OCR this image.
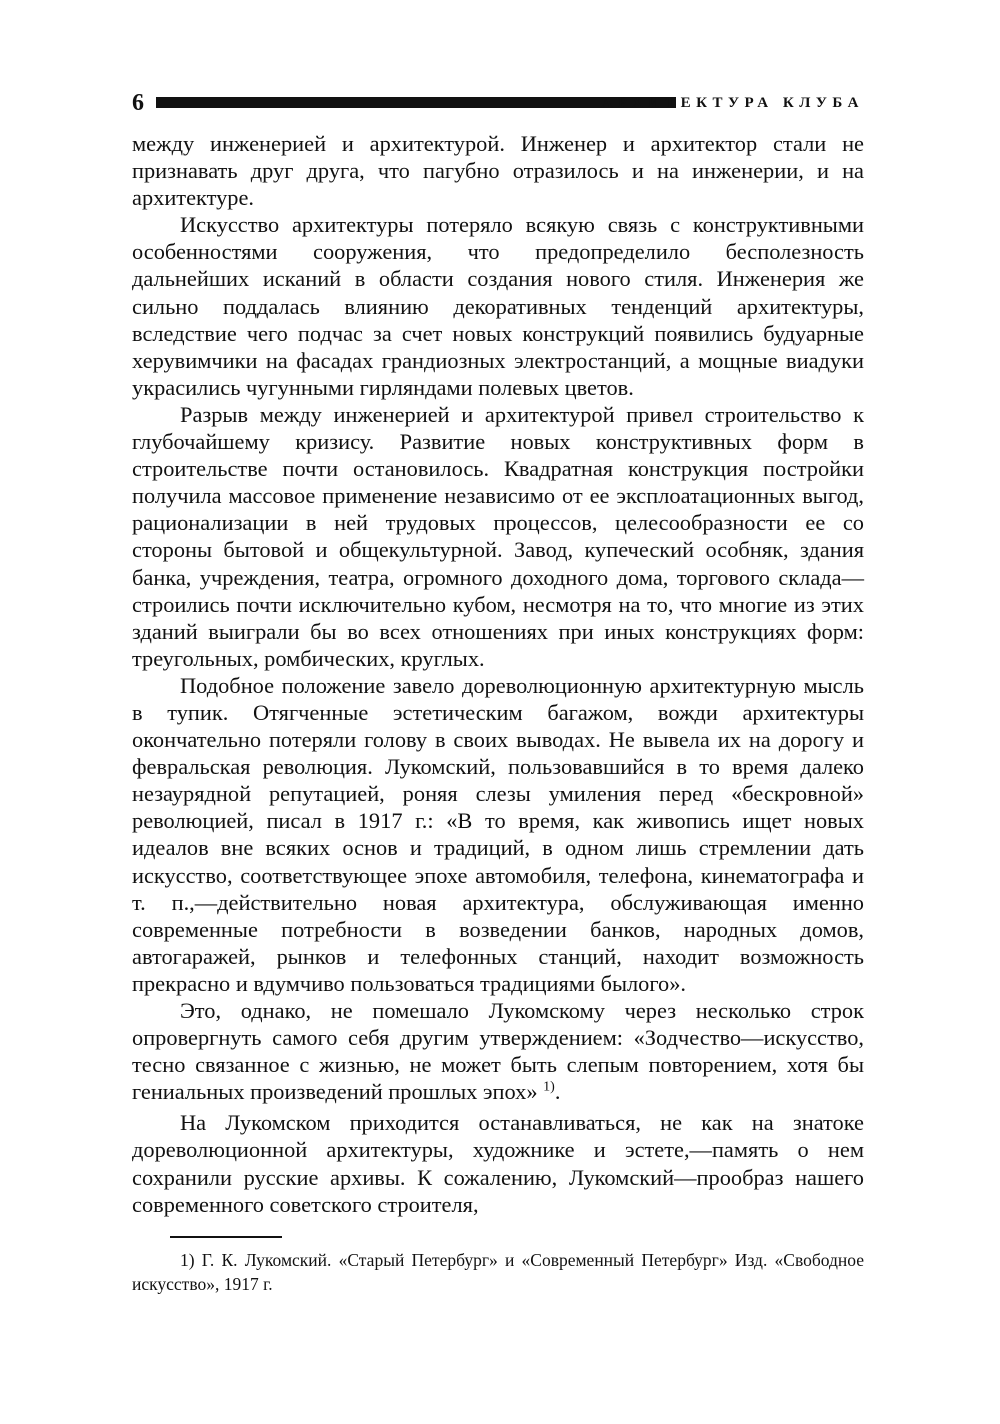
6	АРХИТЕКТУРА КЛУБА

между инженерией и архитектурой. Инженер и архитектор стали не признавать друг друга, что пагубно отразилось и на инженерии, и на архитектуре.

Искусство архитектуры потеряло всякую связь с конструктивными особенностями сооружения, что предопределило бесполезность дальнейших исканий в области создания нового стиля. Инженерия же сильно поддалась влиянию декоративных тенденций архитектуры, вследствие чего подчас за счет новых конструкций появились будуарные херувимчики на фасадах грандиозных электростанций, а мощные виадуки украсились чугунными гирляндами полевых цветов.

Разрыв между инженерией и архитектурой привел строительство к глубочайшему кризису. Развитие новых конструктивных форм в строительстве почти остановилось. Квадратная конструкция постройки получила массовое применение независимо от ее эксплоатационных выгод, рационализации в ней трудовых процессов, целесообразности ее со стороны бытовой и общекультурной. Завод, купеческий особняк, здания банка, учреждения, театра, огромного доходного дома, торгового склада—строились почти исключительно кубом, несмотря на то, что многие из этих зданий выиграли бы во всех отношениях при иных конструкциях форм: треугольных, ромбических, круглых.

Подобное положение завело дореволюционную архитектурную мысль в тупик. Отягченные эстетическим багажом, вожди архитектуры окончательно потеряли голову в своих выводах. Не вывела их на дорогу и февральская революция. Лукомский, пользовавшийся в то время далеко незаурядной репутацией, роняя слезы умиления перед «бескровной» революцией, писал в 1917 г.: «В то время, как живопись ищет новых идеалов вне всяких основ и традиций, в одном лишь стремлении дать искусство, соответствующее эпохе автомобиля, телефона, кинематографа и т. п.,—действительно новая архитектура, обслуживающая именно современные потребности в возведении банков, народных домов, автогаражей, рынков и телефонных станций, находит возможность прекрасно и вдумчиво пользоваться традициями былого».

Это, однако, не помешало Лукомскому через несколько строк опровергнуть самого себя другим утверждением: «Зодчество—искусство, тесно связанное с жизнью, не может быть слепым повторением, хотя бы гениальных произведений прошлых эпох» $^{1)}$.

На Лукомском приходится останавливаться, не как на знатоке дореволюционной архитектуры, художнике и эстете,—память о нем сохранили русские архивы. К сожалению, Лукомский—прообраз нашего современного советского строителя,

1) Г. К. Лукомский. «Старый Петербург» и «Современный Петербург» Изд. «Свободное искусство», 1917 г.
